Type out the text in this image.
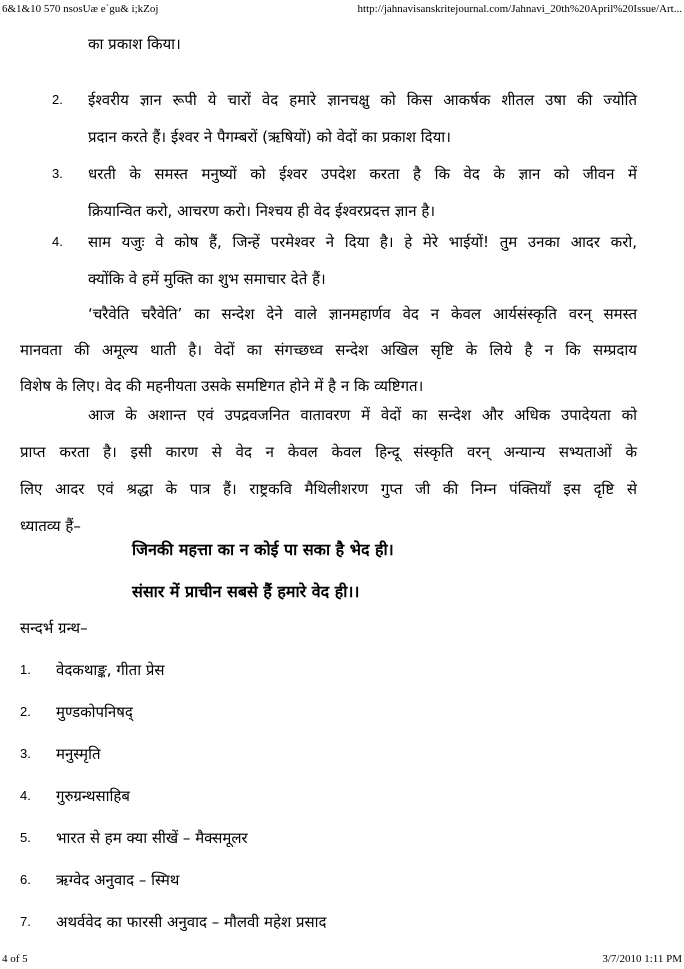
6&1&10 570 nsosUæ e`gu& i;kZoj	http://jahnavisanskritejournal.com/Jahnavi_20th%20April%20Issue/Art...
का प्रकाश किया।
2. ईश्वरीय ज्ञान रूपी ये चारों वेद हमारे ज्ञानचक्षु को किस आकर्षक शीतल उषा की ज्योति
प्रदान करते हैं। ईश्वर ने पैगम्बरों (ऋषियों) को वेदों का प्रकाश दिया।
3. धरती के समस्त मनुष्यों को ईश्वर उपदेश करता है कि वेद के ज्ञान को जीवन में
क्रियान्वित करो, आचरण करो। निश्चय ही वेद ईश्वरप्रदत्त ज्ञान है।
4. साम यजुः वे कोष हैं, जिन्हें परमेश्वर ने दिया है। हे मेरे भाईयों! तुम उनका आदर करो,
क्योंकि वे हमें मुक्ति का शुभ समाचार देते हैं।
‘चरैवेति चरैवेति’ का सन्देश देने वाले ज्ञानमहार्णव वेद न केवल आर्यसंस्कृति वरन् समस्त
मानवता की अमूल्य थाती है। वेदों का संगच्छध्व सन्देश अखिल सृष्टि के लिये है न कि सम्प्रदाय
विशेष के लिए। वेद की महनीयता उसके समष्टिगत होने में है न कि व्यष्टिगत।
आज के अशान्त एवं उपद्रवजनित वातावरण में वेदों का सन्देश और अधिक उपादेयता को
प्राप्त करता है। इसी कारण से वेद न केवल केवल हिन्दू संस्कृति वरन् अन्यान्य सभ्यताओं के
लिए आदर एवं श्रद्धा के पात्र हैं। राष्ट्रकवि मैथिलीशरण गुप्त जी की निम्न पंक्तियाँ इस दृष्टि से
ध्यातव्य हैं–
जिनकी महत्ता का न कोई पा सका है भेद ही।
संसार में प्राचीन सबसे हैं हमारे वेद ही।।
सन्दर्भ ग्रन्थ–
1. वेदकथाङ्क, गीता प्रेस
2. मुण्डकोपनिषद्
3. मनुस्मृति
4. गुरुग्रन्थसाहिब
5. भारत से हम क्या सीखें – मैक्समूलर
6. ऋग्वेद अनुवाद – स्मिथ
7. अथर्ववेद का फारसी अनुवाद – मौलवी महेश प्रसाद
4 of 5	3/7/2010 1:11 PM
